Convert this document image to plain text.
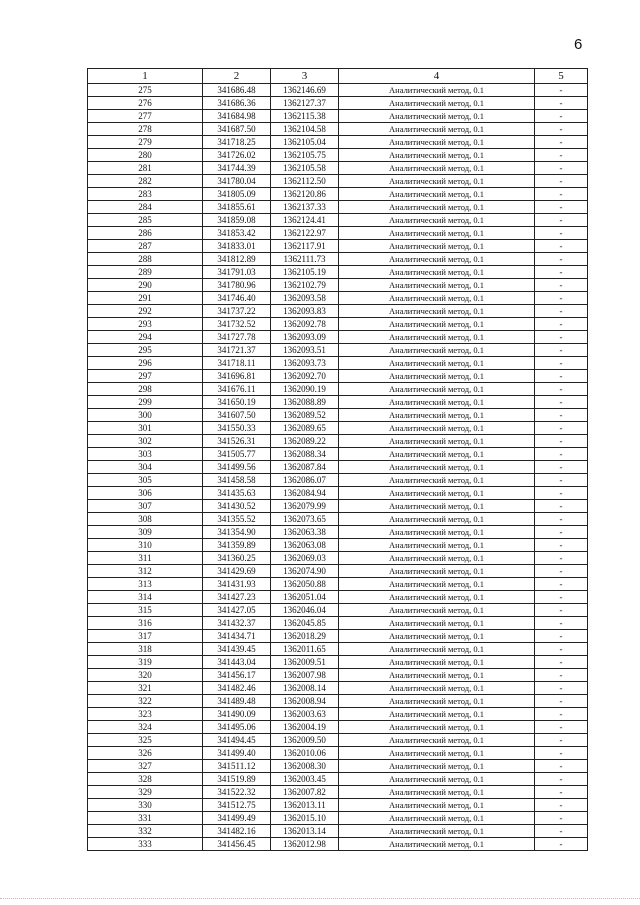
6
1	2	3	4	5
275	341686.48	1362146.69	Аналитический метод, 0.1	-
276	341686.36	1362127.37	Аналитический метод, 0.1	-
277	341684.98	1362115.38	Аналитический метод, 0.1	-
278	341687.50	1362104.58	Аналитический метод, 0.1	-
279	341718.25	1362105.04	Аналитический метод, 0.1	-
280	341726.02	1362105.75	Аналитический метод, 0.1	-
281	341744.39	1362105.58	Аналитический метод, 0.1	-
282	341780.04	1362112.50	Аналитический метод, 0.1	-
283	341805.09	1362120.86	Аналитический метод, 0.1	-
284	341855.61	1362137.33	Аналитический метод, 0.1	-
285	341859.08	1362124.41	Аналитический метод, 0.1	-
286	341853.42	1362122.97	Аналитический метод, 0.1	-
287	341833.01	1362117.91	Аналитический метод, 0.1	-
288	341812.89	1362111.73	Аналитический метод, 0.1	-
289	341791.03	1362105.19	Аналитический метод, 0.1	-
290	341780.96	1362102.79	Аналитический метод, 0.1	-
291	341746.40	1362093.58	Аналитический метод, 0.1	-
292	341737.22	1362093.83	Аналитический метод, 0.1	-
293	341732.52	1362092.78	Аналитический метод, 0.1	-
294	341727.78	1362093.09	Аналитический метод, 0.1	-
295	341721.37	1362093.51	Аналитический метод, 0.1	-
296	341718.11	1362093.73	Аналитический метод, 0.1	-
297	341696.81	1362092.70	Аналитический метод, 0.1	-
298	341676.11	1362090.19	Аналитический метод, 0.1	-
299	341650.19	1362088.89	Аналитический метод, 0.1	-
300	341607.50	1362089.52	Аналитический метод, 0.1	-
301	341550.33	1362089.65	Аналитический метод, 0.1	-
302	341526.31	1362089.22	Аналитический метод, 0.1	-
303	341505.77	1362088.34	Аналитический метод, 0.1	-
304	341499.56	1362087.84	Аналитический метод, 0.1	-
305	341458.58	1362086.07	Аналитический метод, 0.1	-
306	341435.63	1362084.94	Аналитический метод, 0.1	-
307	341430.52	1362079.99	Аналитический метод, 0.1	-
308	341355.52	1362073.65	Аналитический метод, 0.1	-
309	341354.90	1362063.38	Аналитический метод, 0.1	-
310	341359.89	1362063.08	Аналитический метод, 0.1	-
311	341360.25	1362069.03	Аналитический метод, 0.1	-
312	341429.69	1362074.90	Аналитический метод, 0.1	-
313	341431.93	1362050.88	Аналитический метод, 0.1	-
314	341427.23	1362051.04	Аналитический метод, 0.1	-
315	341427.05	1362046.04	Аналитический метод, 0.1	-
316	341432.37	1362045.85	Аналитический метод, 0.1	-
317	341434.71	1362018.29	Аналитический метод, 0.1	-
318	341439.45	1362011.65	Аналитический метод, 0.1	-
319	341443.04	1362009.51	Аналитический метод, 0.1	-
320	341456.17	1362007.98	Аналитический метод, 0.1	-
321	341482.46	1362008.14	Аналитический метод, 0.1	-
322	341489.48	1362008.94	Аналитический метод, 0.1	-
323	341490.09	1362003.63	Аналитический метод, 0.1	-
324	341495.06	1362004.19	Аналитический метод, 0.1	-
325	341494.45	1362009.50	Аналитический метод, 0.1	-
326	341499.40	1362010.06	Аналитический метод, 0.1	-
327	341511.12	1362008.30	Аналитический метод, 0.1	-
328	341519.89	1362003.45	Аналитический метод, 0.1	-
329	341522.32	1362007.82	Аналитический метод, 0.1	-
330	341512.75	1362013.11	Аналитический метод, 0.1	-
331	341499.49	1362015.10	Аналитический метод, 0.1	-
332	341482.16	1362013.14	Аналитический метод, 0.1	-
333	341456.45	1362012.98	Аналитический метод, 0.1	-
